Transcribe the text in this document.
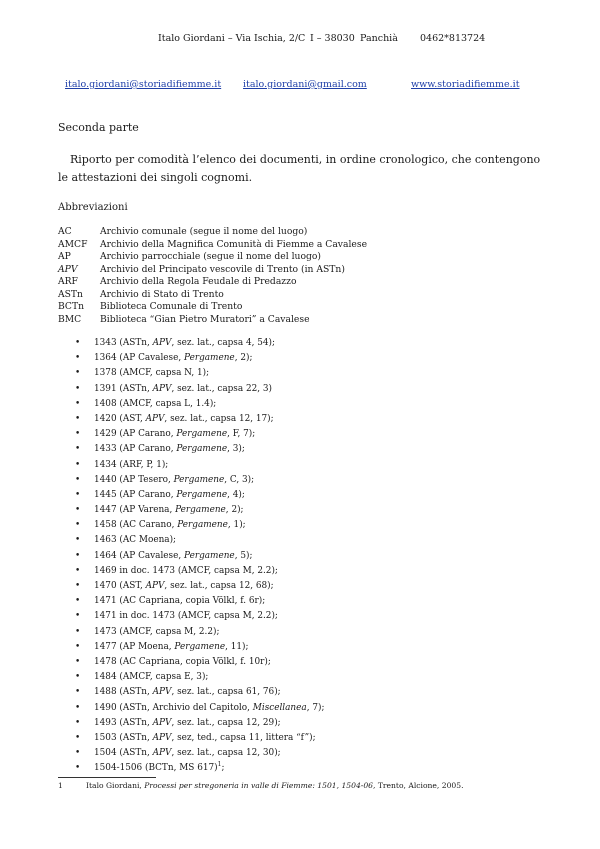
Italo Giordani – Via Ischia, 2/C I – 38030 Panchià 0462*813724
italo.giordani@storiadifiemme.it italo.giordani@gmail.com	www.storiadifiemme.it
Seconda parte

Riporto per comodità l’elenco dei documenti, in ordine cronologico, che contengono le attestazioni dei singoli cognomi.

Abbreviazioni
AC	Archivio comunale (segue il nome del luogo)
AMCF Archivio della Magnifica Comunità di Fiemme a Cavalese
AP	Archivio parrocchiale (segue il nome del luogo)
APV Archivio del Principato vescovile di Trento (in ASTn)
ARF Archivio della Regola Feudale di Predazzo
ASTn Archivio di Stato di Trento
BCTn Biblioteca Comunale di Trento
BMC Biblioteca “Gian Pietro Muratori” a Cavalese
• 1343 (ASTn, APV, sez. lat., capsa 4, 54);
• 1364 (AP Cavalese, Pergamene, 2);
• 1378 (AMCF, capsa N, 1);
• 1391 (ASTn, APV, sez. lat., capsa 22, 3)
• 1408 (AMCF, capsa L, 1.4);
• 1420 (AST, APV, sez. lat., capsa 12, 17);
• 1429 (AP Carano, Pergamene, F, 7);
• 1433 (AP Carano, Pergamene, 3);
• 1434 (ARF, P, 1);
• 1440 (AP Tesero, Pergamene, C, 3);
• 1445 (AP Carano, Pergamene, 4);
• 1447 (AP Varena, Pergamene, 2);
• 1458 (AC Carano, Pergamene, 1);
• 1463 (AC Moena);
• 1464 (AP Cavalese, Pergamene, 5);
• 1469 in doc. 1473 (AMCF, capsa M, 2.2);
• 1470 (AST, APV, sez. lat., capsa 12, 68);
• 1471 (AC Capriana, copia Völkl, f. 6r);
• 1471 in doc. 1473 (AMCF, capsa M, 2.2);
• 1473 (AMCF, capsa M, 2.2);
• 1477 (AP Moena, Pergamene, 11);
• 1478 (AC Capriana, copia Völkl, f. 10r);
• 1484 (AMCF, capsa E, 3);
• 1488 (ASTn, APV, sez. lat., capsa 61, 76);
• 1490 (ASTn, Archivio del Capitolo, Miscellanea, 7);
• 1493 (ASTn, APV, sez. lat., capsa 12, 29);
• 1503 (ASTn, APV, sez, ted., capsa 11, littera “f”);
• 1504 (ASTn, APV, sez. lat., capsa 12, 30);
• 1504-1506 (BCTn, MS 617)$^1$;
1	Italo Giordani, Processi per stregoneria in valle di Fiemme: 1501, 1504-06, Trento, Alcione, 2005.
